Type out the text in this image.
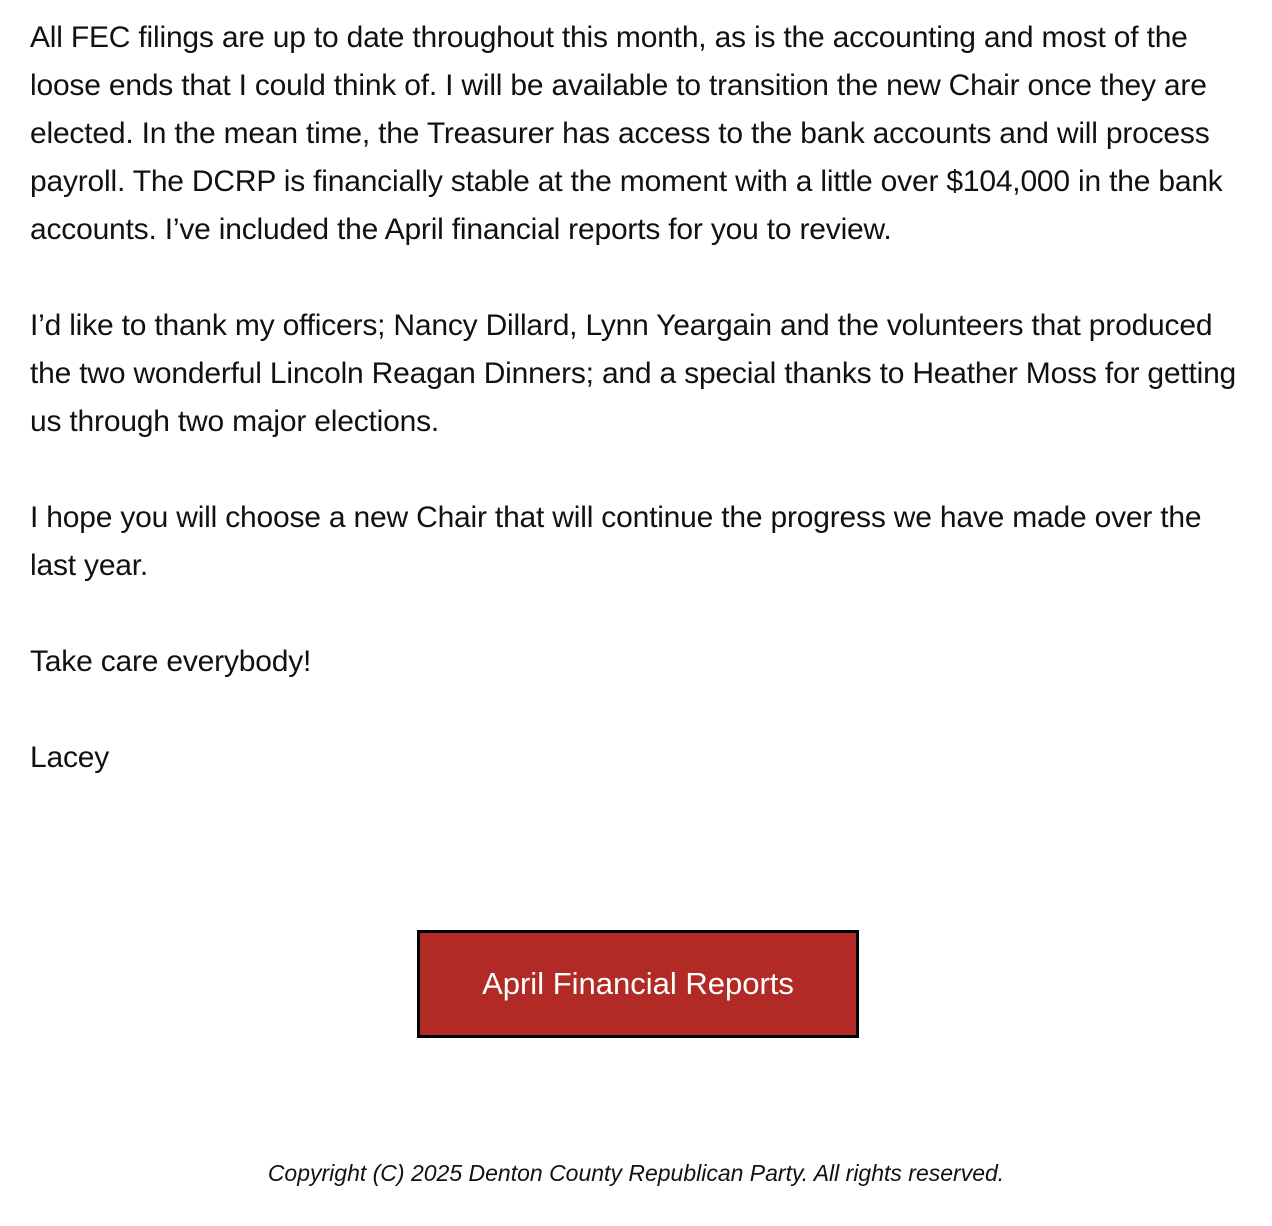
All FEC filings are up to date throughout this month, as is the accounting and most of the loose ends that I could think of. I will be available to transition the new Chair once they are elected. In the mean time, the Treasurer has access to the bank accounts and will process payroll. The DCRP is financially stable at the moment with a little over $104,000 in the bank accounts. I’ve included the April financial reports for you to review.

I’d like to thank my officers; Nancy Dillard, Lynn Yeargain and the volunteers that produced the two wonderful Lincoln Reagan Dinners; and a special thanks to Heather Moss for getting us through two major elections.

I hope you will choose a new Chair that will continue the progress we have made over the last year.

Take care everybody!

Lacey

April Financial Reports
Copyright (C) 2025 Denton County Republican Party. All rights reserved.
